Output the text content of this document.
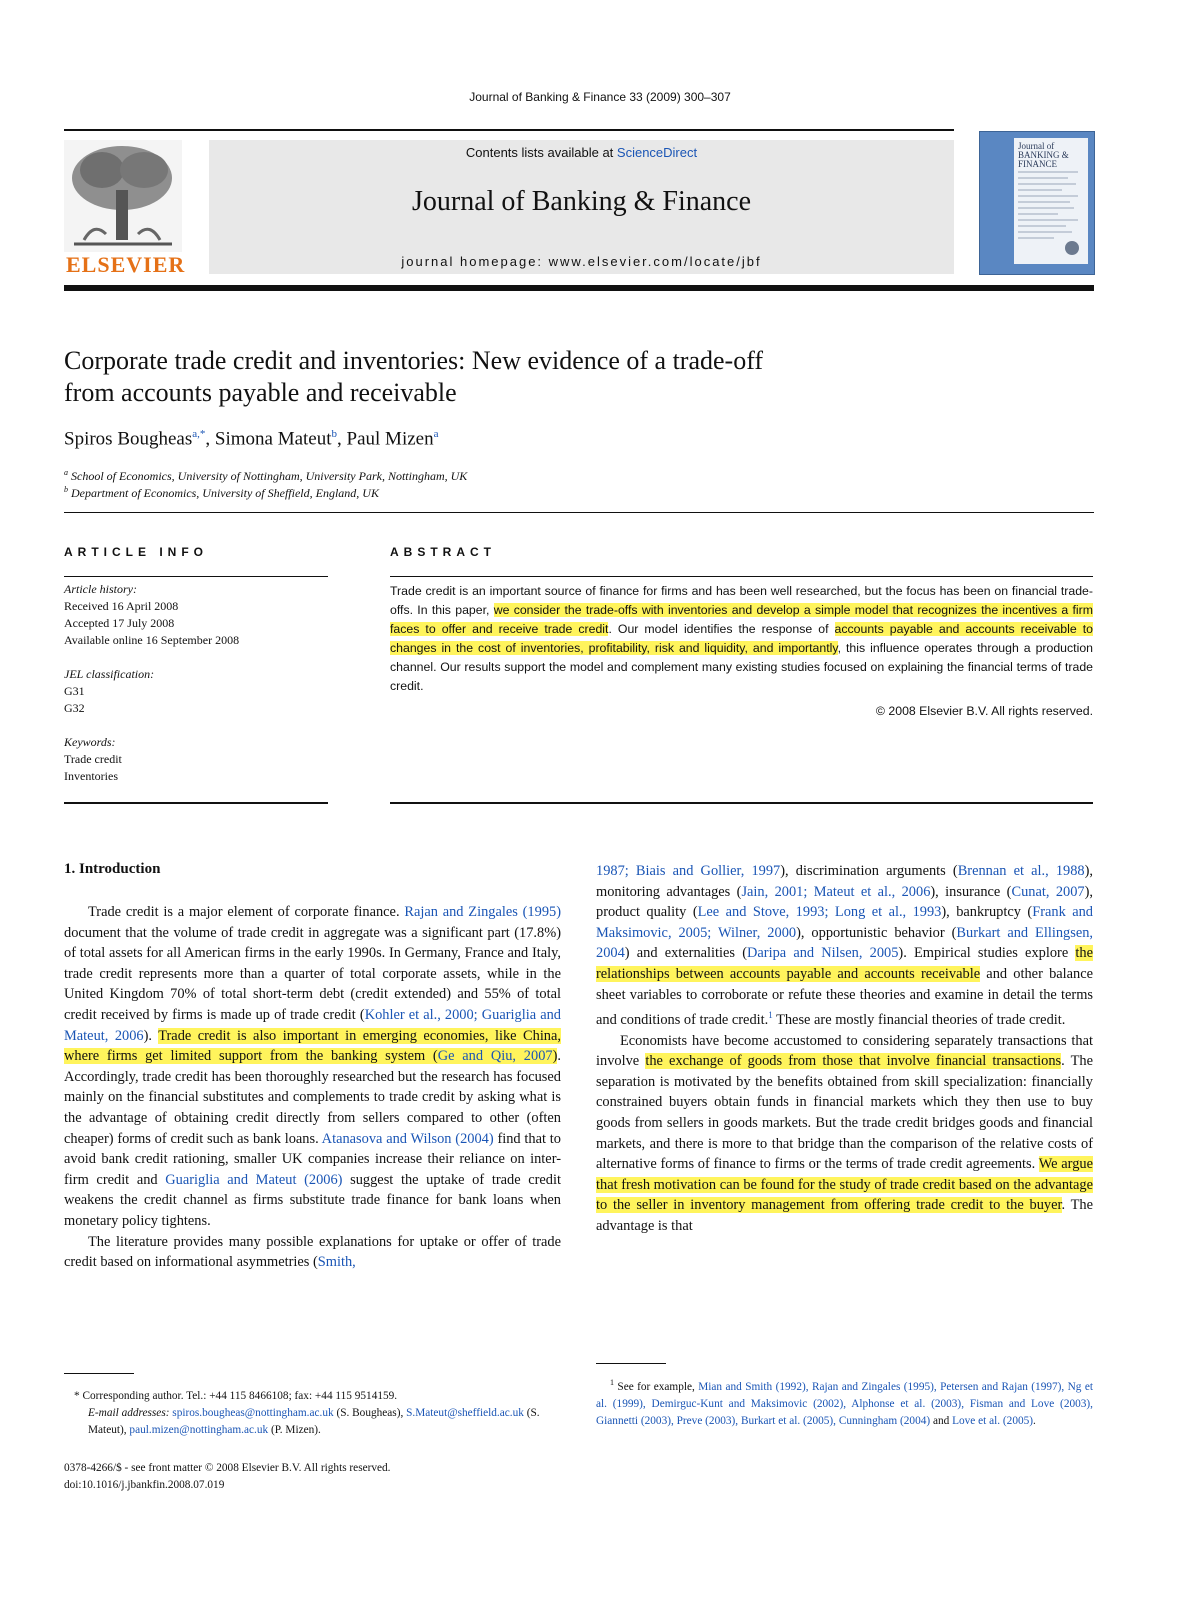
Journal of Banking & Finance 33 (2009) 300–307
ELSEVIER
Contents lists available at ScienceDirect
Journal of Banking & Finance
journal homepage: www.elsevier.com/locate/jbf
Journal of BANKING & FINANCE
Corporate trade credit and inventories: New evidence of a trade-off
from accounts payable and receivable
Spiros Bougheas$^{a,*}$, Simona Mateut$^b$, Paul Mizen$^a$
$^a$ School of Economics, University of Nottingham, University Park, Nottingham, UK
$^b$ Department of Economics, University of Sheffield, England, UK
ARTICLE INFO
Article history:
Received 16 April 2008
Accepted 17 July 2008
Available online 16 September 2008
JEL classification:
G31
G32
Keywords:
Trade credit
Inventories
ABSTRACT
Trade credit is an important source of finance for firms and has been well researched, but the focus has been on financial trade-offs. In this paper, we consider the trade-offs with inventories and develop a simple model that recognizes the incentives a firm faces to offer and receive trade credit. Our model identifies the response of accounts payable and accounts receivable to changes in the cost of inventories, profitability, risk and liquidity, and importantly, this influence operates through a production channel. Our results support the model and complement many existing studies focused on explaining the financial terms of trade credit.
© 2008 Elsevier B.V. All rights reserved.
1. Introduction

Trade credit is a major element of corporate finance. Rajan and Zingales (1995) document that the volume of trade credit in aggregate was a significant part (17.8%) of total assets for all American firms in the early 1990s. In Germany, France and Italy, trade credit represents more than a quarter of total corporate assets, while in the United Kingdom 70% of total short-term debt (credit extended) and 55% of total credit received by firms is made up of trade credit (Kohler et al., 2000; Guariglia and Mateut, 2006). Trade credit is also important in emerging economies, like China, where firms get limited support from the banking system (Ge and Qiu, 2007). Accordingly, trade credit has been thoroughly researched but the research has focused mainly on the financial substitutes and complements to trade credit by asking what is the advantage of obtaining credit directly from sellers compared to other (often cheaper) forms of credit such as bank loans. Atanasova and Wilson (2004) find that to avoid bank credit rationing, smaller UK companies increase their reliance on inter-firm credit and Guariglia and Mateut (2006) suggest the uptake of trade credit weakens the credit channel as firms substitute trade finance for bank loans when monetary policy tightens.

The literature provides many possible explanations for uptake or offer of trade credit based on informational asymmetries (Smith,

1987; Biais and Gollier, 1997), discrimination arguments (Brennan et al., 1988), monitoring advantages (Jain, 2001; Mateut et al., 2006), insurance (Cunat, 2007), product quality (Lee and Stove, 1993; Long et al., 1993), bankruptcy (Frank and Maksimovic, 2005; Wilner, 2000), opportunistic behavior (Burkart and Ellingsen, 2004) and externalities (Daripa and Nilsen, 2005). Empirical studies explore the relationships between accounts payable and accounts receivable and other balance sheet variables to corroborate or refute these theories and examine in detail the terms and conditions of trade credit.$^1$ These are mostly financial theories of trade credit.

Economists have become accustomed to considering separately transactions that involve the exchange of goods from those that involve financial transactions. The separation is motivated by the benefits obtained from skill specialization: financially constrained buyers obtain funds in financial markets which they then use to buy goods from sellers in goods markets. But the trade credit bridges goods and financial markets, and there is more to that bridge than the comparison of the relative costs of alternative forms of finance to firms or the terms of trade credit agreements. We argue that fresh motivation can be found for the study of trade credit based on the advantage to the seller in inventory management from offering trade credit to the buyer. The advantage is that

* Corresponding author. Tel.: +44 115 8466108; fax: +44 115 9514159.
E-mail addresses: spiros.bougheas@nottingham.ac.uk (S. Bougheas), S.Mateut@sheffield.ac.uk (S. Mateut), paul.mizen@nottingham.ac.uk (P. Mizen).
0378-4266/$ - see front matter © 2008 Elsevier B.V. All rights reserved.
doi:10.1016/j.jbankfin.2008.07.019
$^1$ See for example, Mian and Smith (1992), Rajan and Zingales (1995), Petersen and Rajan (1997), Ng et al. (1999), Demirguc-Kunt and Maksimovic (2002), Alphonse et al. (2003), Fisman and Love (2003), Giannetti (2003), Preve (2003), Burkart et al. (2005), Cunningham (2004) and Love et al. (2005).
